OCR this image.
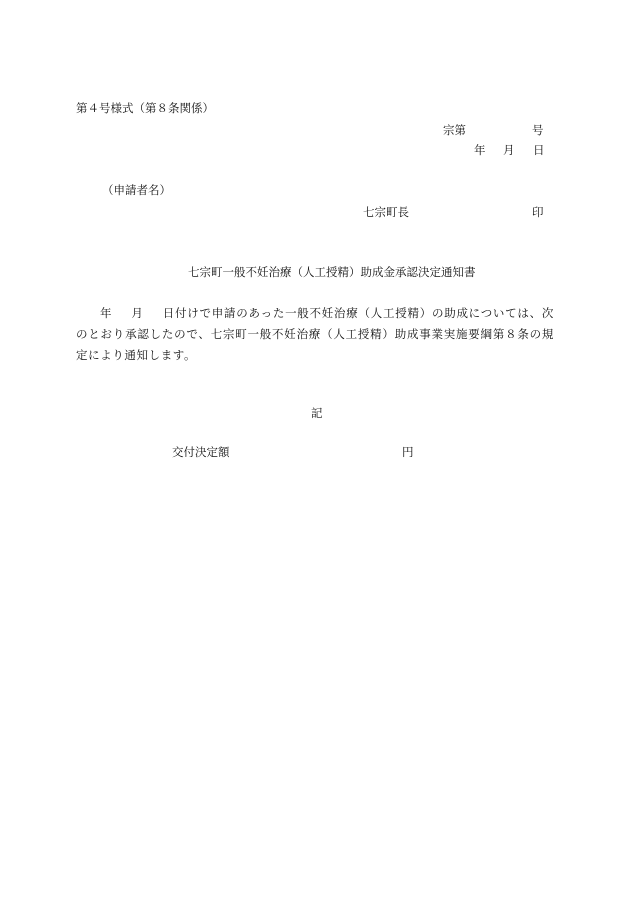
第４号様式（第８条関係）
宗第	号
年 月 日
（申請者名）
七宗町長	印
七宗町一般不妊治療（人工授精）助成金承認決定通知書
年 月 日付けで申請のあった一般不妊治療（人工授精）の助成については、次のとおり承認したので、七宗町一般不妊治療（人工授精）助成事業実施要綱第８条の規定により通知します。
記
交付決定額	円
